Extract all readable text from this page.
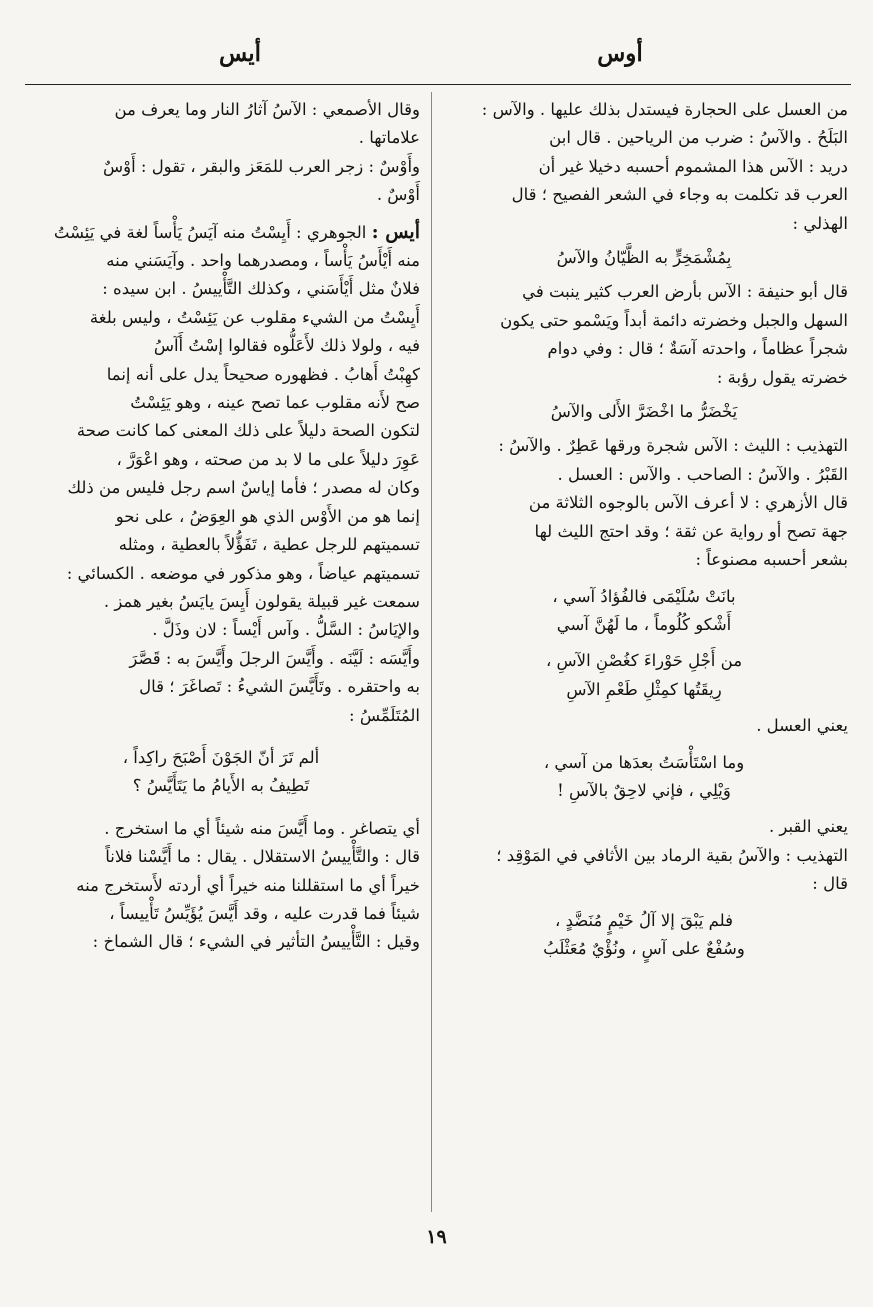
أوس
أيس
من العسل على الحجارة فيستدل بذلك عليها . والآس :
البَلَحُ . والآسُ : ضرب من الرياحين . قال ابن
دريد : الآس هذا المشموم أحسبه دخيلا غير أن
العرب قد تكلمت به وجاء في الشعر الفصيح ؛ قال
الهذلي :
بِمُشْمَخِرٍّ به الظَّيّانُ والآسُ
قال أبو حنيفة : الآس بأرض العرب كثير ينبت في
السهل والجبل وخضرته دائمة أبداً ويَسْمو حتى يكون
شجراً عظاماً ، واحدته آسَةٌ ؛ قال : وفي دوام
خضرته يقول رؤبة :
يَخْضَرُّ ما اخْضَرَّ الأَلى والآسُ
التهذيب : الليث : الآس شجرة ورقها عَطِرٌ . والآسُ :
القَبْرُ . والآسُ : الصاحب . والآس : العسل .
قال الأزهري : لا أعرف الآس بالوجوه الثلاثة من
جهة تصح أو رواية عن ثقة ؛ وقد احتج الليث لها
بشعر أحسبه مصنوعاً :
بانَتْ سُلَيْمَى فالفُؤادُ آسي ،
أَشْكو كُلُوماً ، ما لَهُنَّ آسي
من أَجْلِ حَوْراءَ كغُصْنِ الآسِ ،
رِيقَتُها كمِثْلِ طَعْمِ الآسِ
يعني العسل .
وما اسْتَأْسَتُ بعدَها من آسي ،
وَيْلِي ، فإني لاحِقٌ بالآسِ !
يعني القبر .
التهذيب : والآسُ بقية الرماد بين الأثافي في المَوْقِد ؛
قال :
فلم يَبْقَ إلا آلُ خَيْمٍ مُنَضَّدٍ ،
وسُفْعٌ على آسٍ ، ونُؤْيٌ مُعَثْلَبُ
وقال الأصمعي : الآسُ آثارُ النار وما يعرف من
علاماتها .
وأَوْسٌ : زجر العرب للمَعَز والبقر ، تقول : أَوْسٌ
أَوْسٌ .
أيس : الجوهري : أَيِسْتُ منه آيَسُ يَأْساً لغة في يَئِسْتُ
منه أَيْأَسُ يَأْساً ، ومصدرهما واحد . وآيَسَني منه
فلانٌ مثل أَيْأَسَني ، وكذلك التَّأْييسُ . ابن سيده :
أَيِسْتُ من الشيء مقلوب عن يَئِسْتُ ، وليس بلغة
فيه ، ولولا ذلك لأَعَلُّوه فقالوا إسْتُ أَآسُ
كهِبْتُ أَهابُ . فظهوره صحيحاً يدل على أنه إنما
صح لأَنه مقلوب عما تصح عينه ، وهو يَئِسْتُ
لتكون الصحة دليلاً على ذلك المعنى كما كانت صحة
عَوِرَ دليلاً على ما لا بد من صحته ، وهو اعْوَرَّ ،
وكان له مصدر ؛ فأما إياسٌ اسم رجل فليس من ذلك
إنما هو من الأَوْس الذي هو العِوَضُ ، على نحو
تسميتهم للرجل عطية ، تَفَؤُّلاً بالعطية ، ومثله
تسميتهم عياضاً ، وهو مذكور في موضعه . الكسائي :
سمعت غير قبيلة يقولون أَيِسَ يايَسُ بغير همز .
والإيَاسُ : السَّلُّ . وآس أَيْساً : لان وذَلَّ .
وأَيَّسَه : لَيَّنَه . وأَيَّسَ الرجلَ وأَيَّسَ به : قَصَّرَ
به واحتقره . وتَأَيَّسَ الشيءُ : تَصاغَرَ ؛ قال
المُتَلَمِّسُ :
ألم تَرَ أنّ الجَوْنَ أَصْبَحَ راكِداً ،
تَطِيفُ به الأَيامُ ما يَتَأَيَّسُ ؟
أي يتصاغر . وما أَيَّسَ منه شيئاً أي ما استخرج .
قال : والتَّأْييسُ الاستقلال . يقال : ما أَيَّسْنا فلاناً
خيراً أي ما استقللنا منه خيراً أي أردته لأَستخرج منه
شيئاً فما قدرت عليه ، وقد أَيَّسَ يُؤَيِّسُ تَأْييساً ،
وقيل : التَّأْييسُ التأثير في الشيء ؛ قال الشماخ :
١٩
